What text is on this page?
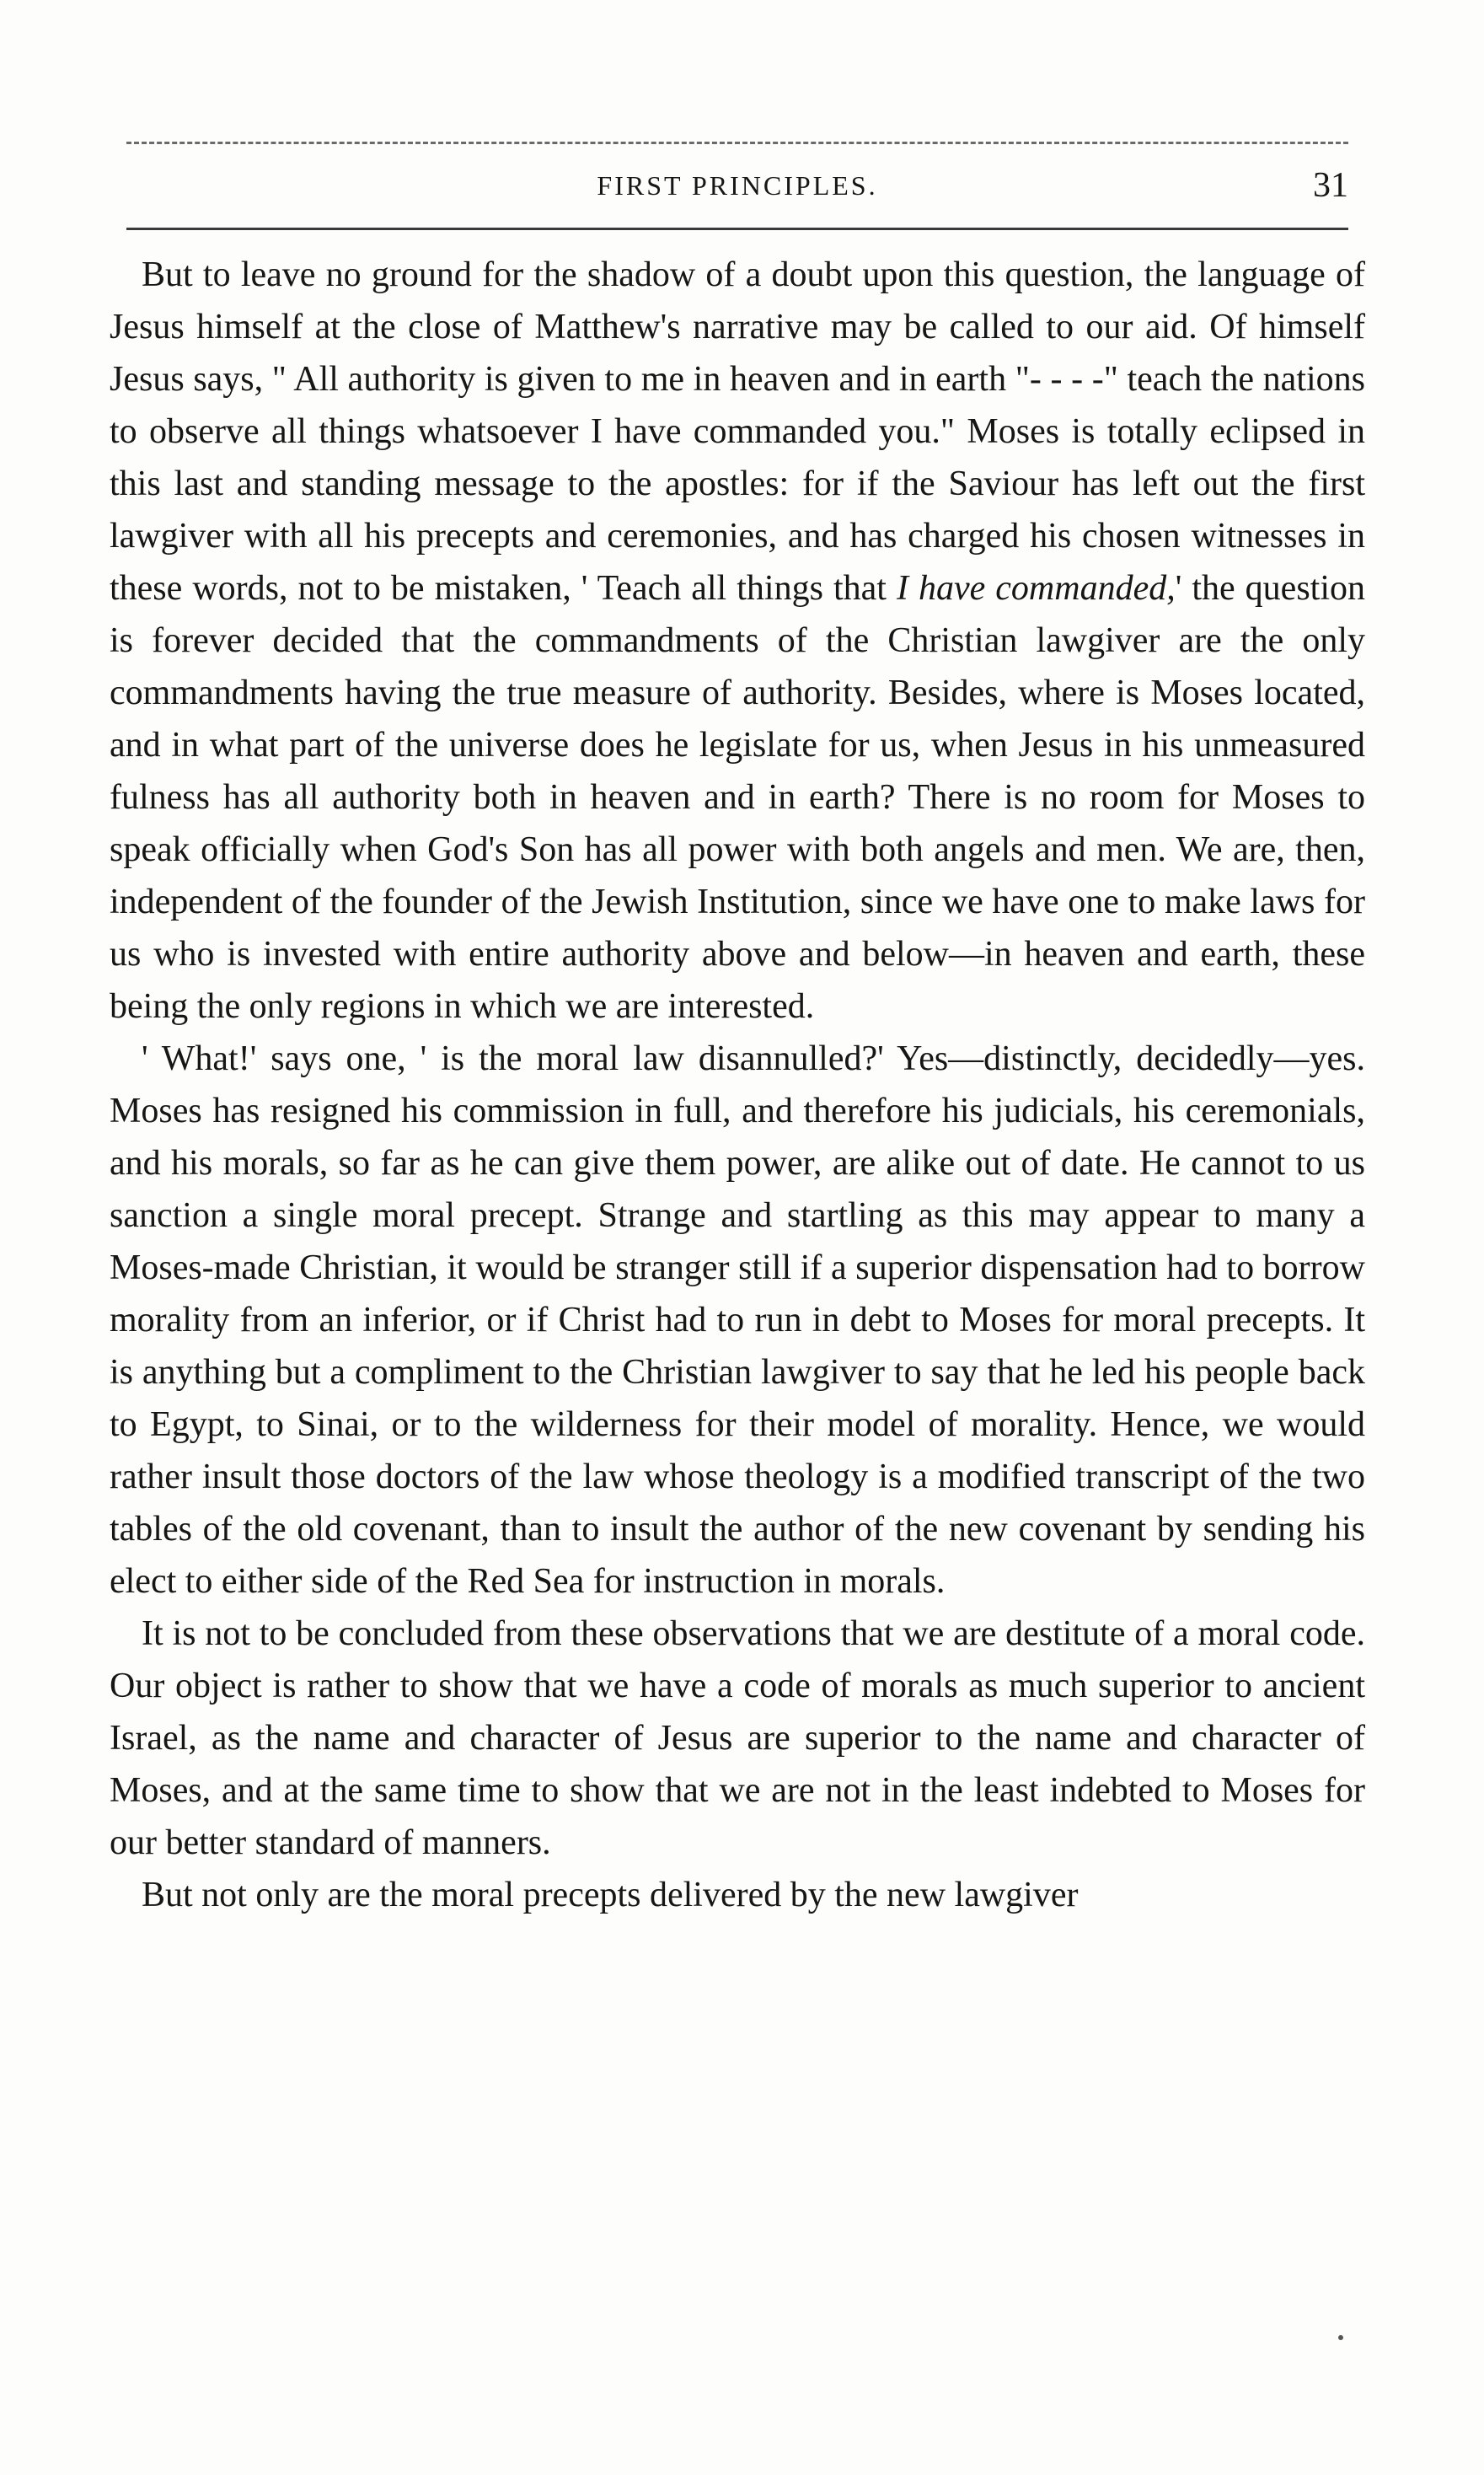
FIRST PRINCIPLES.	31

But to leave no ground for the shadow of a doubt upon this question, the language of Jesus himself at the close of Matthew's narrative may be called to our aid. Of himself Jesus says, " All authority is given to me in heaven and in earth "- - - -" teach the nations to observe all things whatsoever I have commanded you." Moses is totally eclipsed in this last and standing message to the apostles: for if the Saviour has left out the first lawgiver with all his precepts and ceremonies, and has charged his chosen witnesses in these words, not to be mistaken, ' Teach all things that I have commanded,' the question is forever decided that the commandments of the Christian lawgiver are the only commandments having the true measure of authority. Besides, where is Moses located, and in what part of the universe does he legislate for us, when Jesus in his unmeasured fulness has all authority both in heaven and in earth? There is no room for Moses to speak officially when God's Son has all power with both angels and men. We are, then, independent of the founder of the Jewish Institution, since we have one to make laws for us who is invested with entire authority above and below—in heaven and earth, these being the only regions in which we are interested.

' What!' says one, ' is the moral law disannulled?' Yes—distinctly, decidedly—yes. Moses has resigned his commission in full, and therefore his judicials, his ceremonials, and his morals, so far as he can give them power, are alike out of date. He cannot to us sanction a single moral precept. Strange and startling as this may appear to many a Moses-made Christian, it would be stranger still if a superior dispensation had to borrow morality from an inferior, or if Christ had to run in debt to Moses for moral precepts. It is anything but a compliment to the Christian lawgiver to say that he led his people back to Egypt, to Sinai, or to the wilderness for their model of morality. Hence, we would rather insult those doctors of the law whose theology is a modified transcript of the two tables of the old covenant, than to insult the author of the new covenant by sending his elect to either side of the Red Sea for instruction in morals.

It is not to be concluded from these observations that we are destitute of a moral code. Our object is rather to show that we have a code of morals as much superior to ancient Israel, as the name and character of Jesus are superior to the name and character of Moses, and at the same time to show that we are not in the least indebted to Moses for our better standard of manners.

But not only are the moral precepts delivered by the new lawgiver
